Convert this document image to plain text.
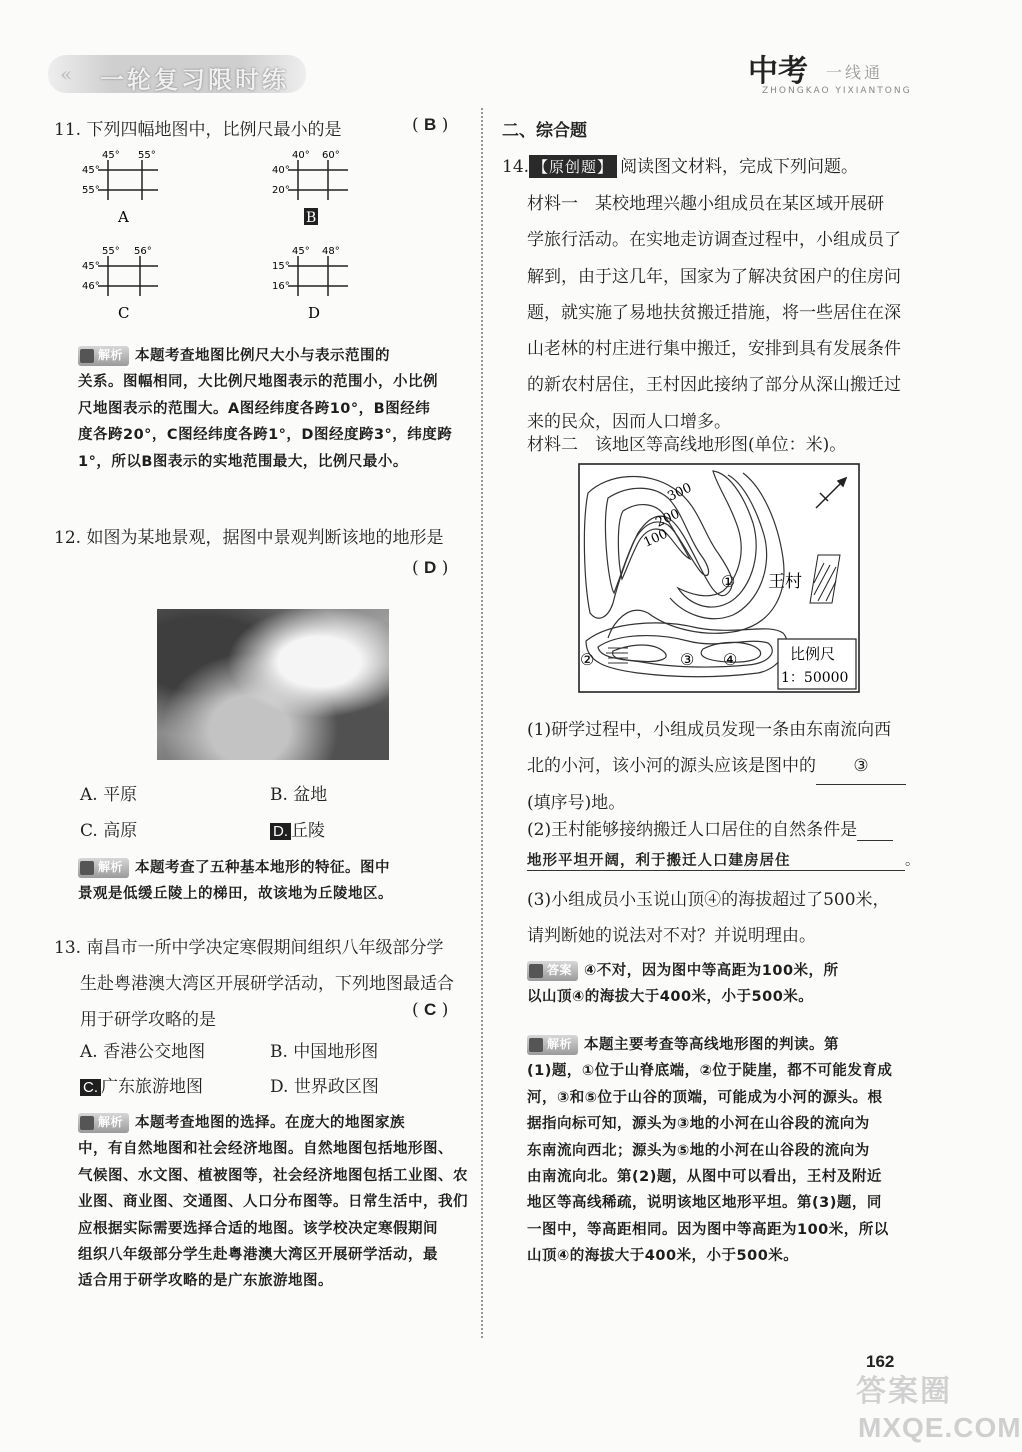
« 一轮复习限时练	中考 一线通
ZHONGKAO YIXIANTONG
11. 下列四幅地图中，比例尺最小的是	( B )
45° 55°
45°
55°
A
40° 60°
40°
20°
B
55° 56°
45°
46°
C
45° 48°
15°
16°
D

解析 本题考查地图比例尺大小与表示范围的

关系。图幅相同，大比例尺地图表示的范围小，小比例

尺地图表示的范围大。A图经纬度各跨10°，B图经纬

度各跨20°，C图经纬度各跨1°，D图经度跨3°，纬度跨

1°，所以B图表示的实地范围最大，比例尺最小。

12. 如图为某地景观，据图中景观判断该地的地形是
( D )
A. 平原	B. 盆地
C. 高原	D. 丘陵

解析 本题考查了五种基本地形的特征。图中

景观是低缓丘陵上的梯田，故该地为丘陵地区。

13. 南昌市一所中学决定寒假期间组织八年级部分学
生赴粤港澳大湾区开展研学活动，下列地图最适合
用于研学攻略的是	( C )
A. 香港公交地图	B. 中国地形图
C. 广东旅游地图	D. 世界政区图

解析 本题考查地图的选择。在庞大的地图家族

中，有自然地图和社会经济地图。自然地图包括地形图、

气候图、水文图、植被图等，社会经济地图包括工业图、农

业图、商业图、交通图、人口分布图等。日常生活中，我们

应根据实际需要选择合适的地图。该学校决定寒假期间

组织八年级部分学生赴粤港澳大湾区开展研学活动，最

适合用于研学攻略的是广东旅游地图。

二、综合题
14. 【原创题】 阅读图文材料，完成下列问题。
材料一　某校地理兴趣小组成员在某区域开展研
学旅行活动。在实地走访调查过程中，小组成员了
解到，由于这几年，国家为了解决贫困户的住房问
题，就实施了易地扶贫搬迁措施，将一些居住在深
山老林的村庄进行集中搬迁，安排到具有发展条件
的新农村居住，王村因此接纳了部分从深山搬迁过
来的民众，因而人口增多。
材料二　该地区等高线地形图(单位：米)。
300
200
100
①
②	③ ④
王村
比例尺
1：50000
(1)研学过程中，小组成员发现一条由东南流向西
北的小河，该小河的源头应该是图中的 ③
(填序号)地。
(2)王村能够接纳搬迁人口居住的自然条件是
地形平坦开阔，利于搬迁人口建房居住	。
(3)小组成员小玉说山顶④的海拔超过了500米，
请判断她的说法对不对？并说明理由。

答案 ④不对，因为图中等高距为100米，所

以山顶④的海拔大于400米，小于500米。

解析 本题主要考查等高线地形图的判读。第

(1)题，①位于山脊底端，②位于陡崖，都不可能发育成

河，③和⑤位于山谷的顶端，可能成为小河的源头。根

据指向标可知，源头为③地的小河在山谷段的流向为

东南流向西北；源头为⑤地的小河在山谷段的流向为

由南流向北。第(2)题，从图中可以看出，王村及附近

地区等高线稀疏，说明该地区地形平坦。第(3)题，同

一图中，等高距相同。因为图中等高距为100米，所以

山顶④的海拔大于400米，小于500米。

162
答案圈
MXQE.COM
